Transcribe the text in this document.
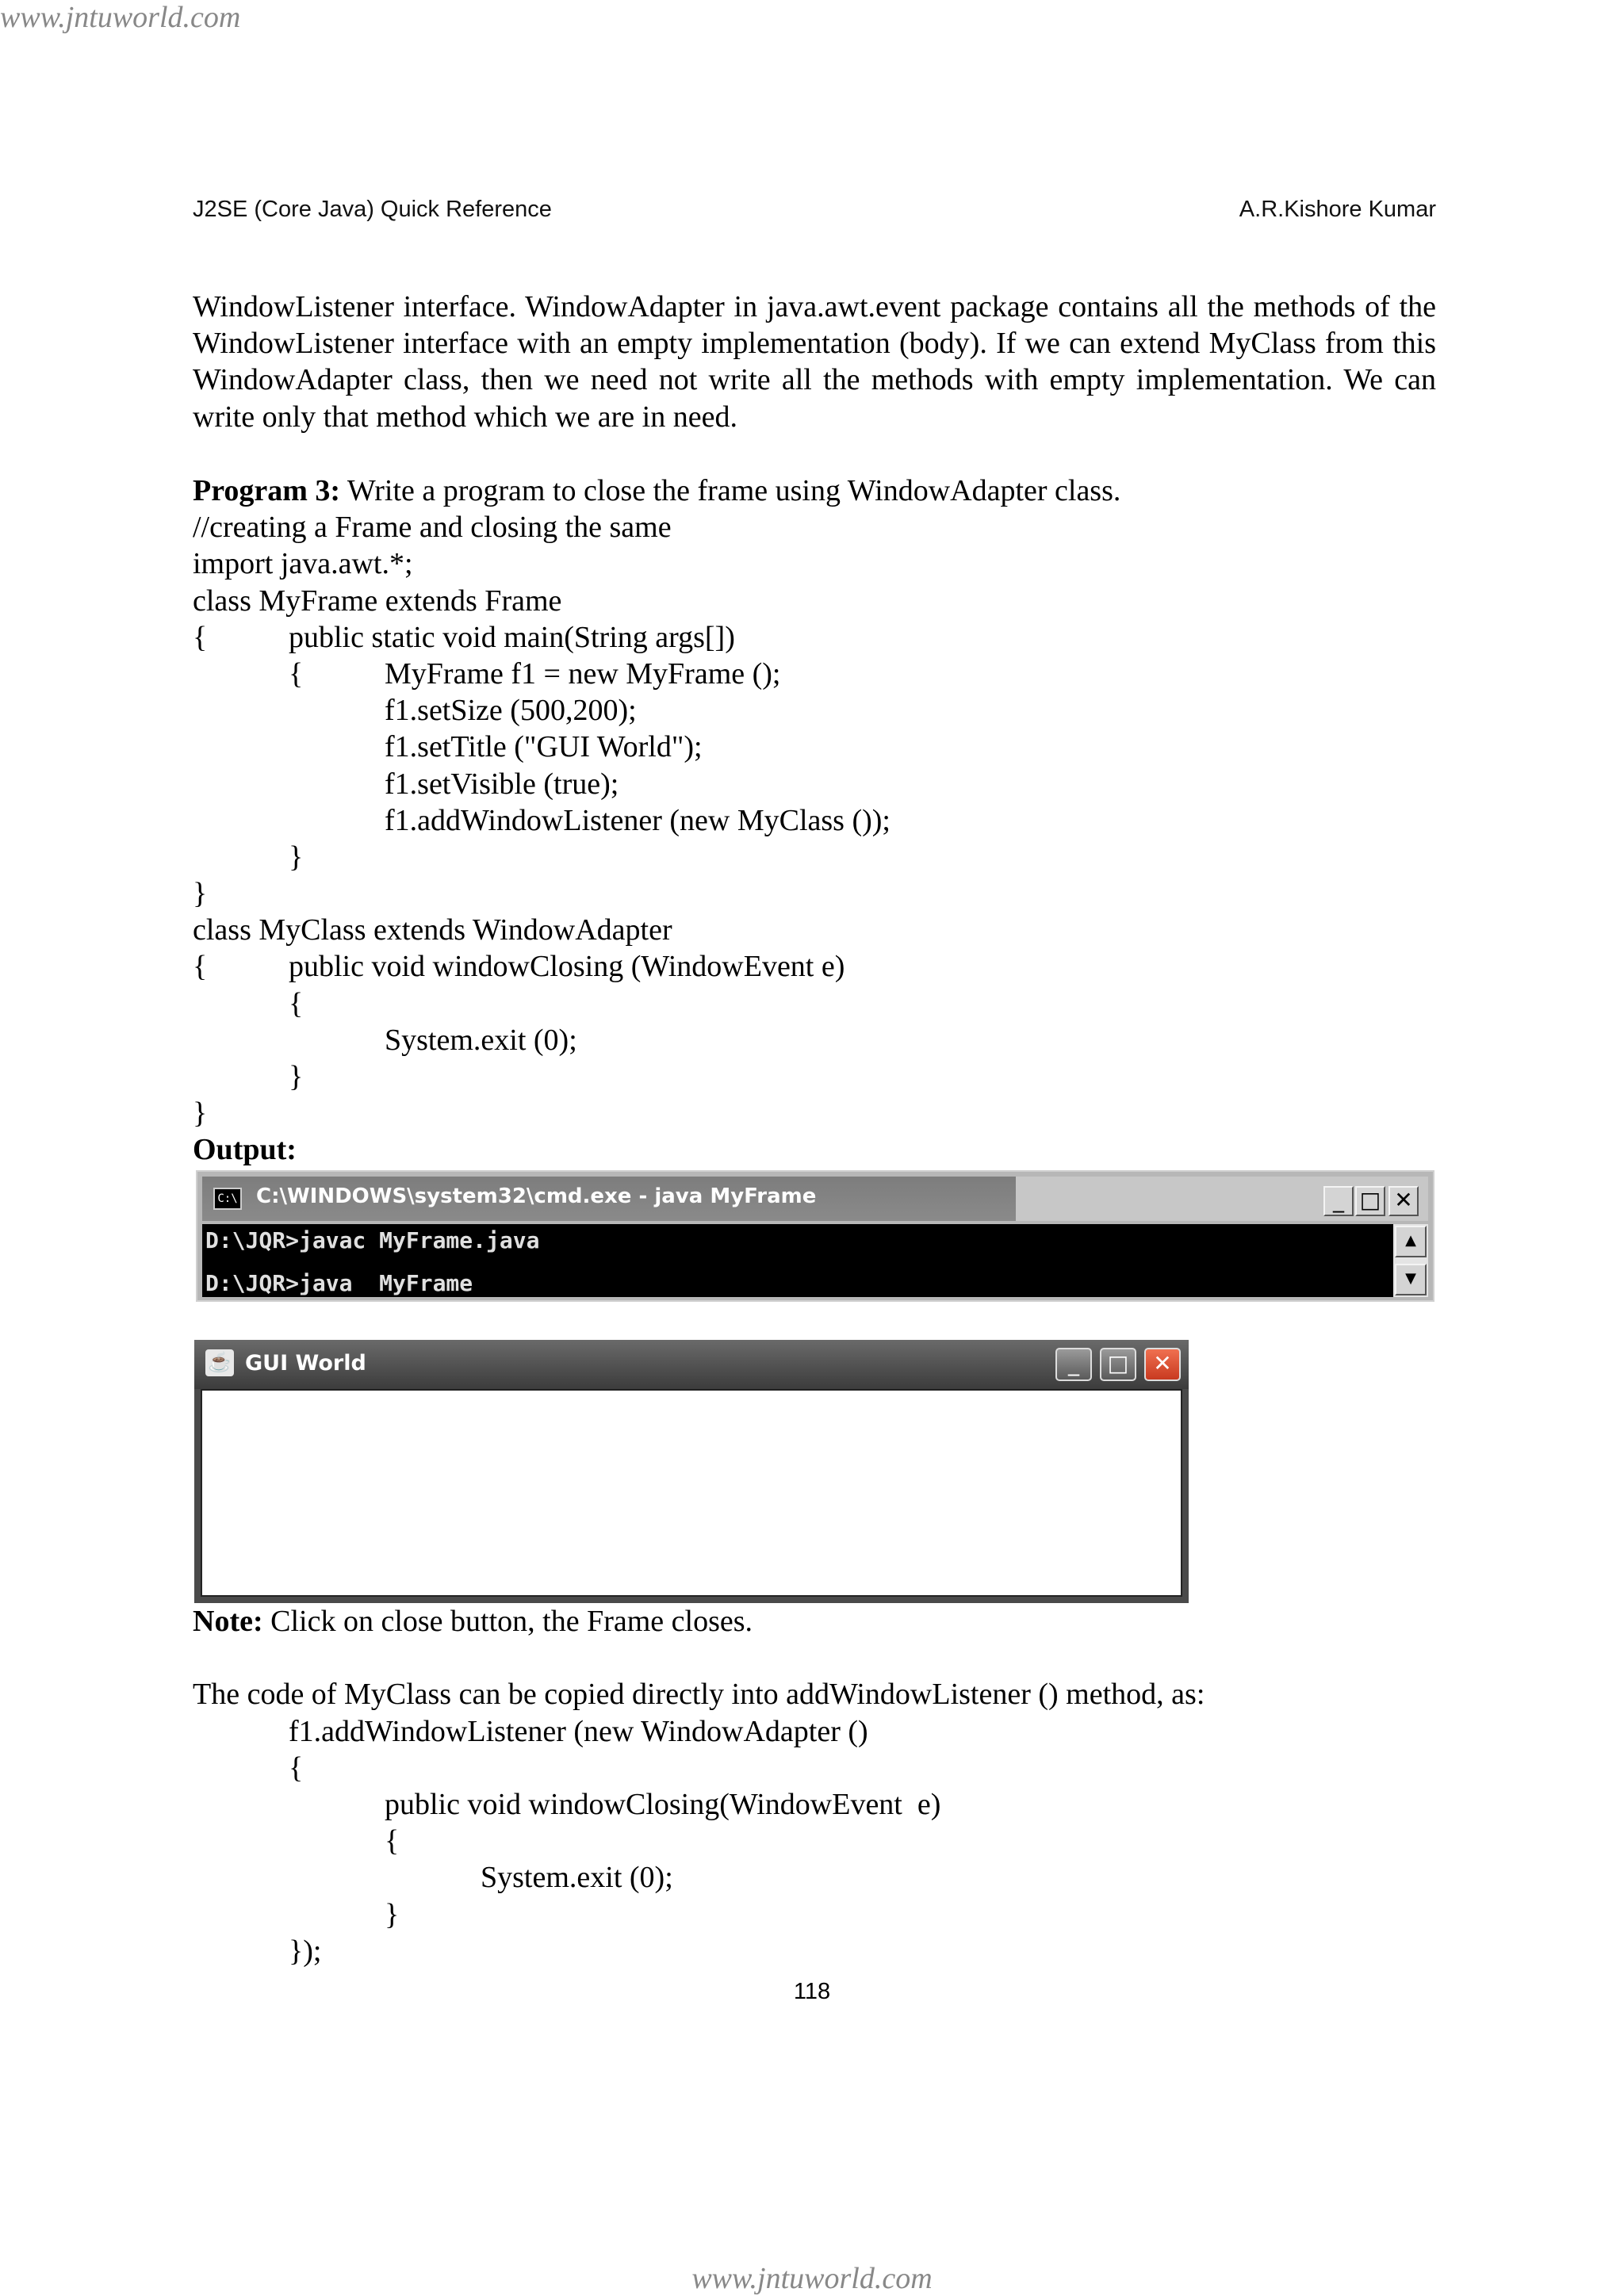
www.jntuworld.com
J2SE (Core Java) Quick Reference	A.R.Kishore Kumar
WindowListener interface. WindowAdapter in java.awt.event package contains all the methods of the WindowListener interface with an empty implementation (body). If we can extend MyClass from this WindowAdapter class, then we need not write all the methods with empty implementation. We can write only that method which we are in need.
Program 3: Write a program to close the frame using WindowAdapter class.
//creating a Frame and closing the same
import java.awt.*;
class MyFrame extends Frame
{	public static void main(String args[])
{	MyFrame f1 = new MyFrame ();
f1.setSize (500,200);
f1.setTitle ("GUI World");
f1.setVisible (true);
f1.addWindowListener (new MyClass ());
}
}
class MyClass extends WindowAdapter
{	public void windowClosing (WindowEvent e)
{
System.exit (0);
}
}
Output:
C:\ C:\WINDOWS\system32\cmd.exe - java MyFrame	_ □ ✕
D:\JQR>javac MyFrame.java
D:\JQR>java  MyFrame
▲
▼
☕ GUI World	_	□	✕
Note: Click on close button, the Frame closes.
The code of MyClass can be copied directly into addWindowListener () method, as:
f1.addWindowListener (new WindowAdapter ()
{
public void windowClosing(WindowEvent  e)
{
System.exit (0);
}
});
118
www.jntuworld.com
